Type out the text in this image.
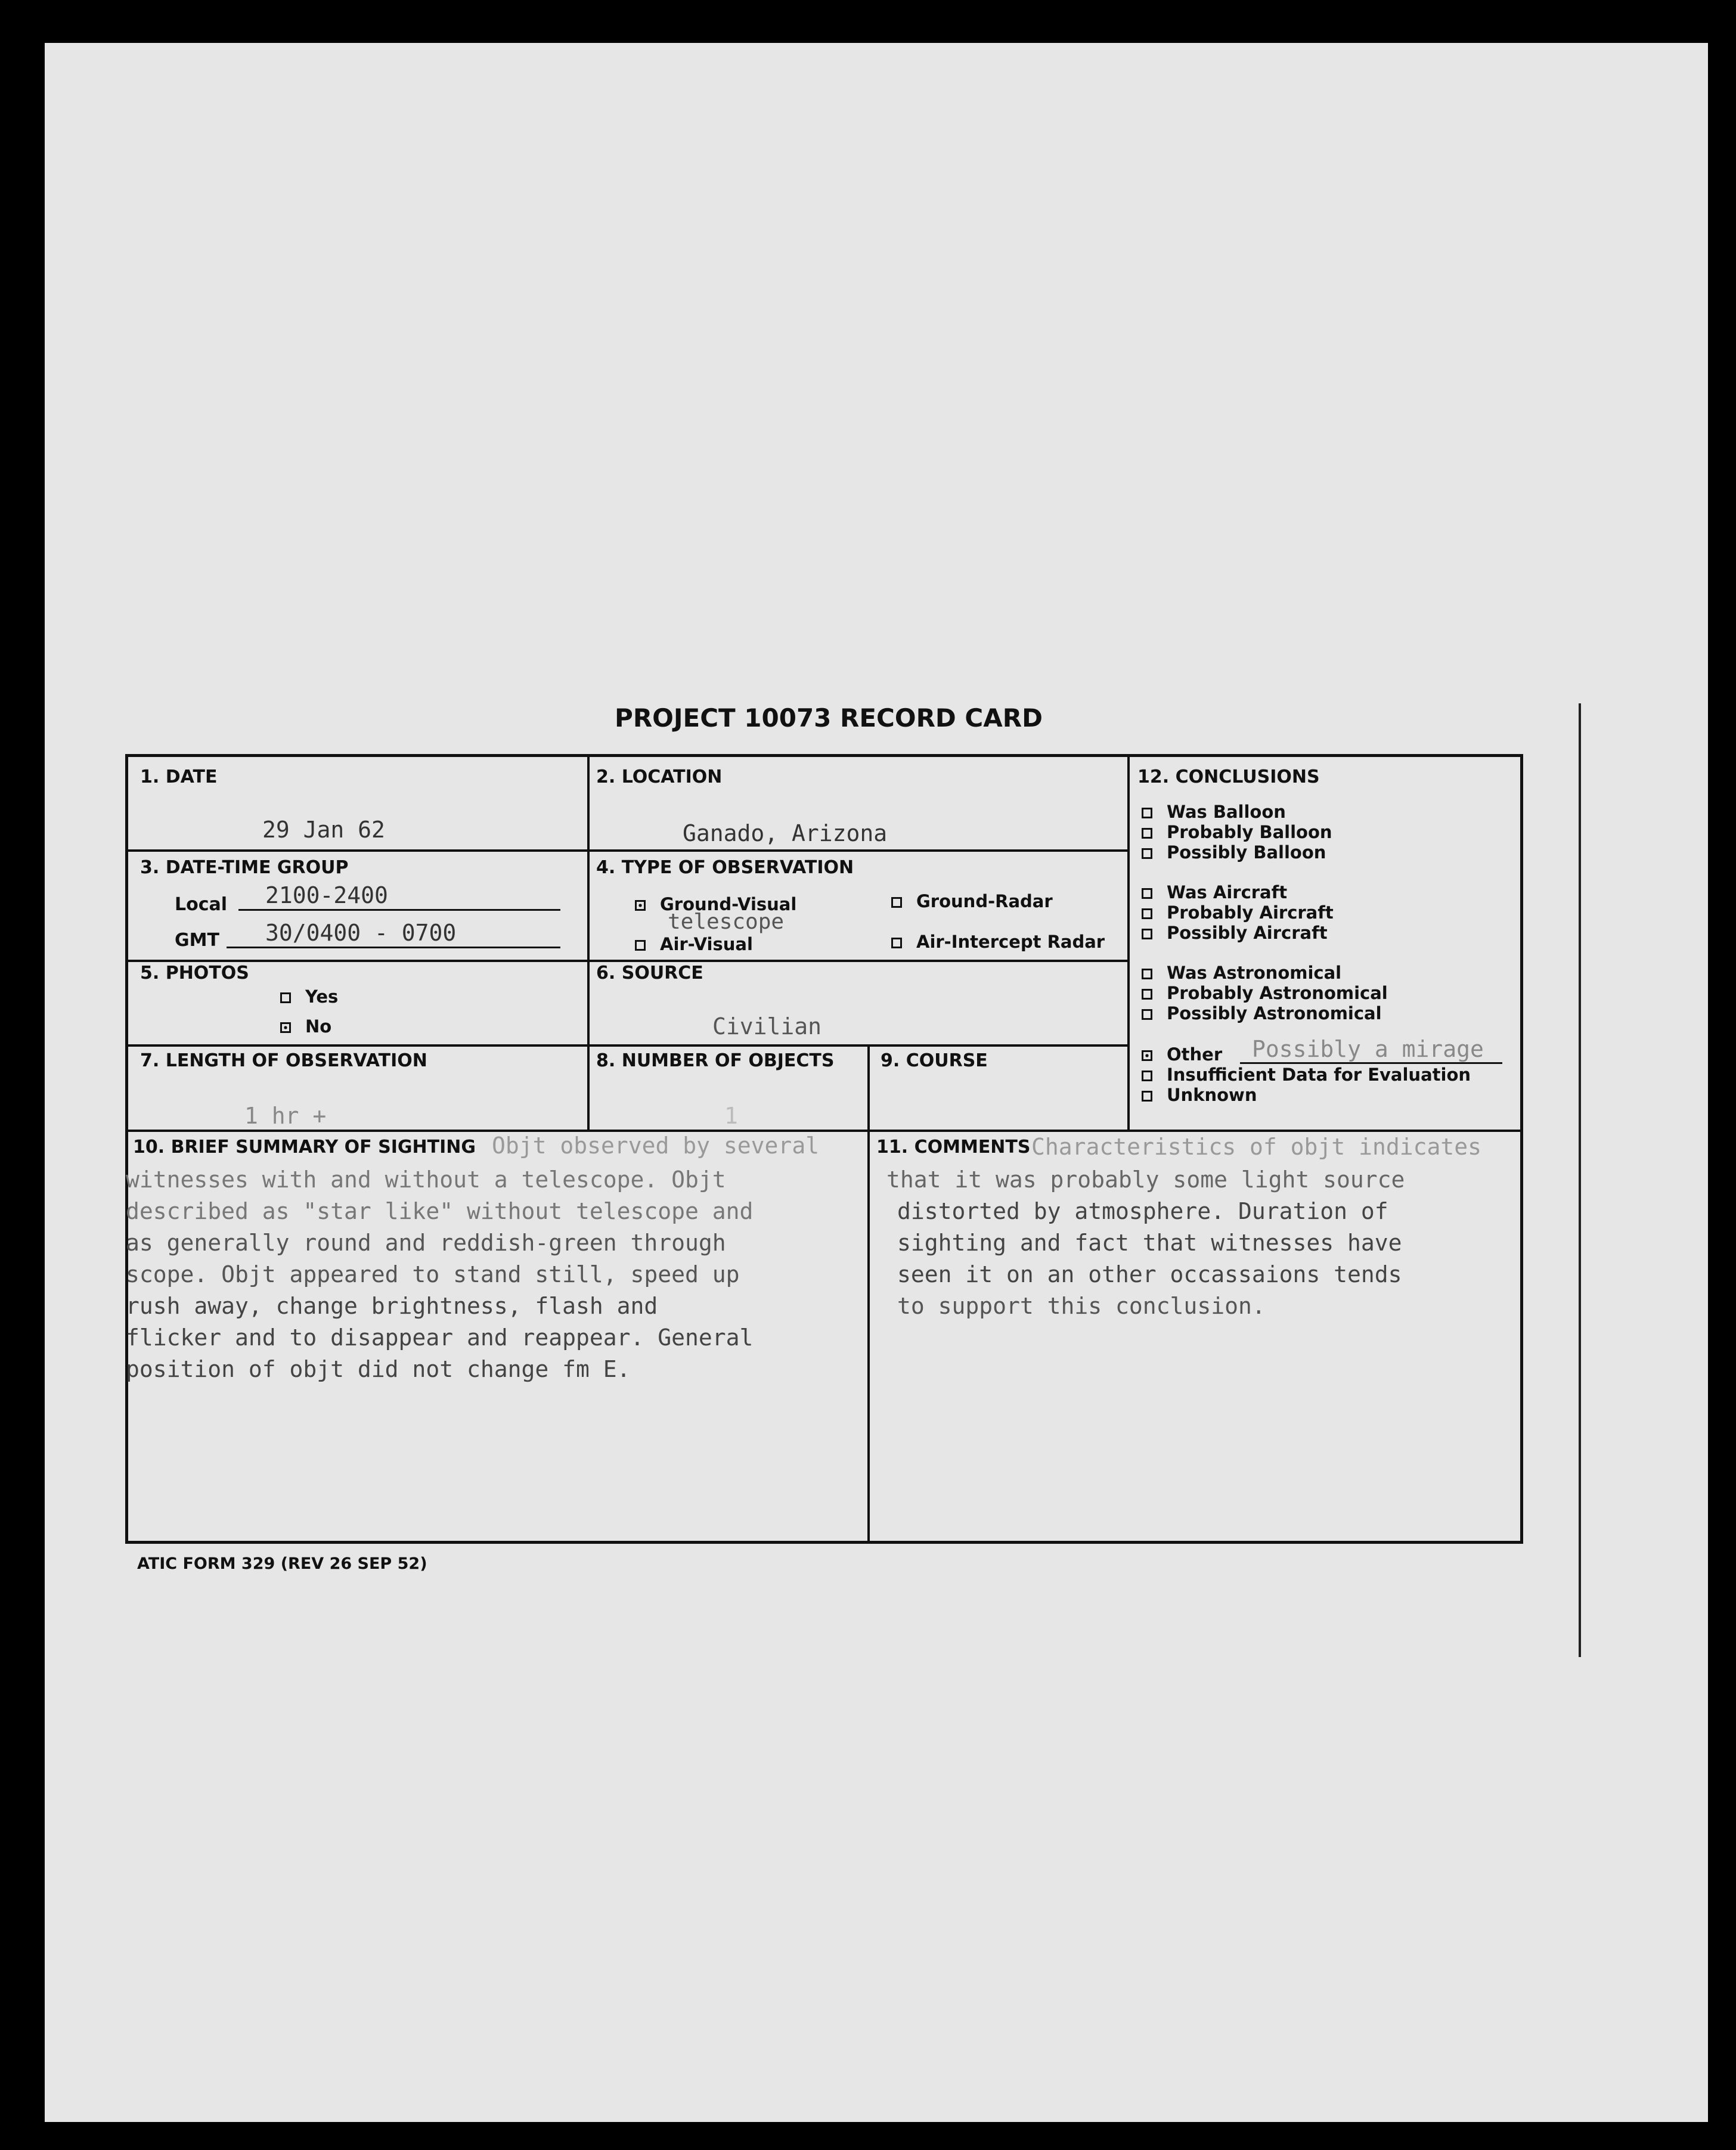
PROJECT 10073 RECORD CARD
1. DATE
29 Jan 62
2. LOCATION
Ganado, Arizona
3. DATE-TIME GROUP
Local 2100-2400
GMT 30/0400 - 0700
4. TYPE OF OBSERVATION
Ground-Visual
telescope
Ground-Radar
Air-Visual	Air-Intercept Radar
5. PHOTOS
Yes
No
6. SOURCE
Civilian
7. LENGTH OF OBSERVATION
1 hr +
8. NUMBER OF OBJECTS
1
9. COURSE
10. BRIEF SUMMARY OF SIGHTING Objt observed by several
witnesses with and without a telescope. Objt
described as "star like" without telescope and
as generally round and reddish-green through
scope. Objt appeared to stand still, speed up
rush away, change brightness, flash and
flicker and to disappear and reappear. General
position of objt did not change fm E.
11. COMMENTS Characteristics of objt indicates
that it was probably some light source
distorted by atmosphere. Duration of
sighting and fact that witnesses have
seen it on an other occassaions tends
to support this conclusion.
12. CONCLUSIONS
Was Balloon
Probably Balloon
Possibly Balloon
Was Aircraft
Probably Aircraft
Possibly Aircraft
Was Astronomical
Probably Astronomical
Possibly Astronomical
Other Possibly a mirage
Insufficient Data for Evaluation
Unknown
ATIC FORM 329 (REV 26 SEP 52)
